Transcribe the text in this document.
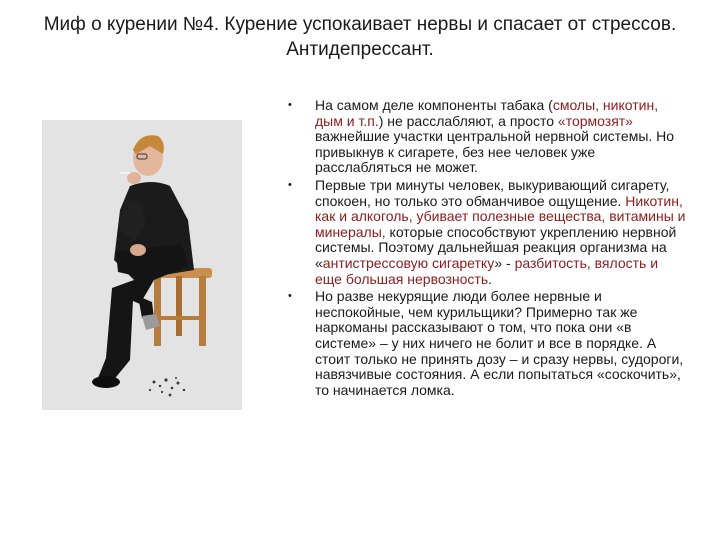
Миф о курении №4. Курение успокаивает нервы и спасает от стрессов. Антидепрессант.
• На самом деле компоненты табака (смолы, никотин, дым и т.п.) не расслабляют, а просто «тормозят» важнейшие участки центральной нервной системы. Но привыкнув к сигарете, без нее человек уже расслабляться не может.
• Первые три минуты человек, выкуривающий сигарету, спокоен, но только это обманчивое ощущение. Никотин, как и алкоголь, убивает полезные вещества, витамины и минералы, которые способствуют укреплению нервной системы. Поэтому дальнейшая реакция организма на «антистрессовую сигаретку» - разбитость, вялость и еще большая нервозность.
• Но разве некурящие люди более нервные и неспокойные, чем курильщики? Примерно так же наркоманы рассказывают о том, что пока они «в системе» – у них ничего не болит и все в порядке. А стоит только не принять дозу – и сразу нервы, судороги, навязчивые состояния. А если попытаться «соскочить», то начинается ломка.
